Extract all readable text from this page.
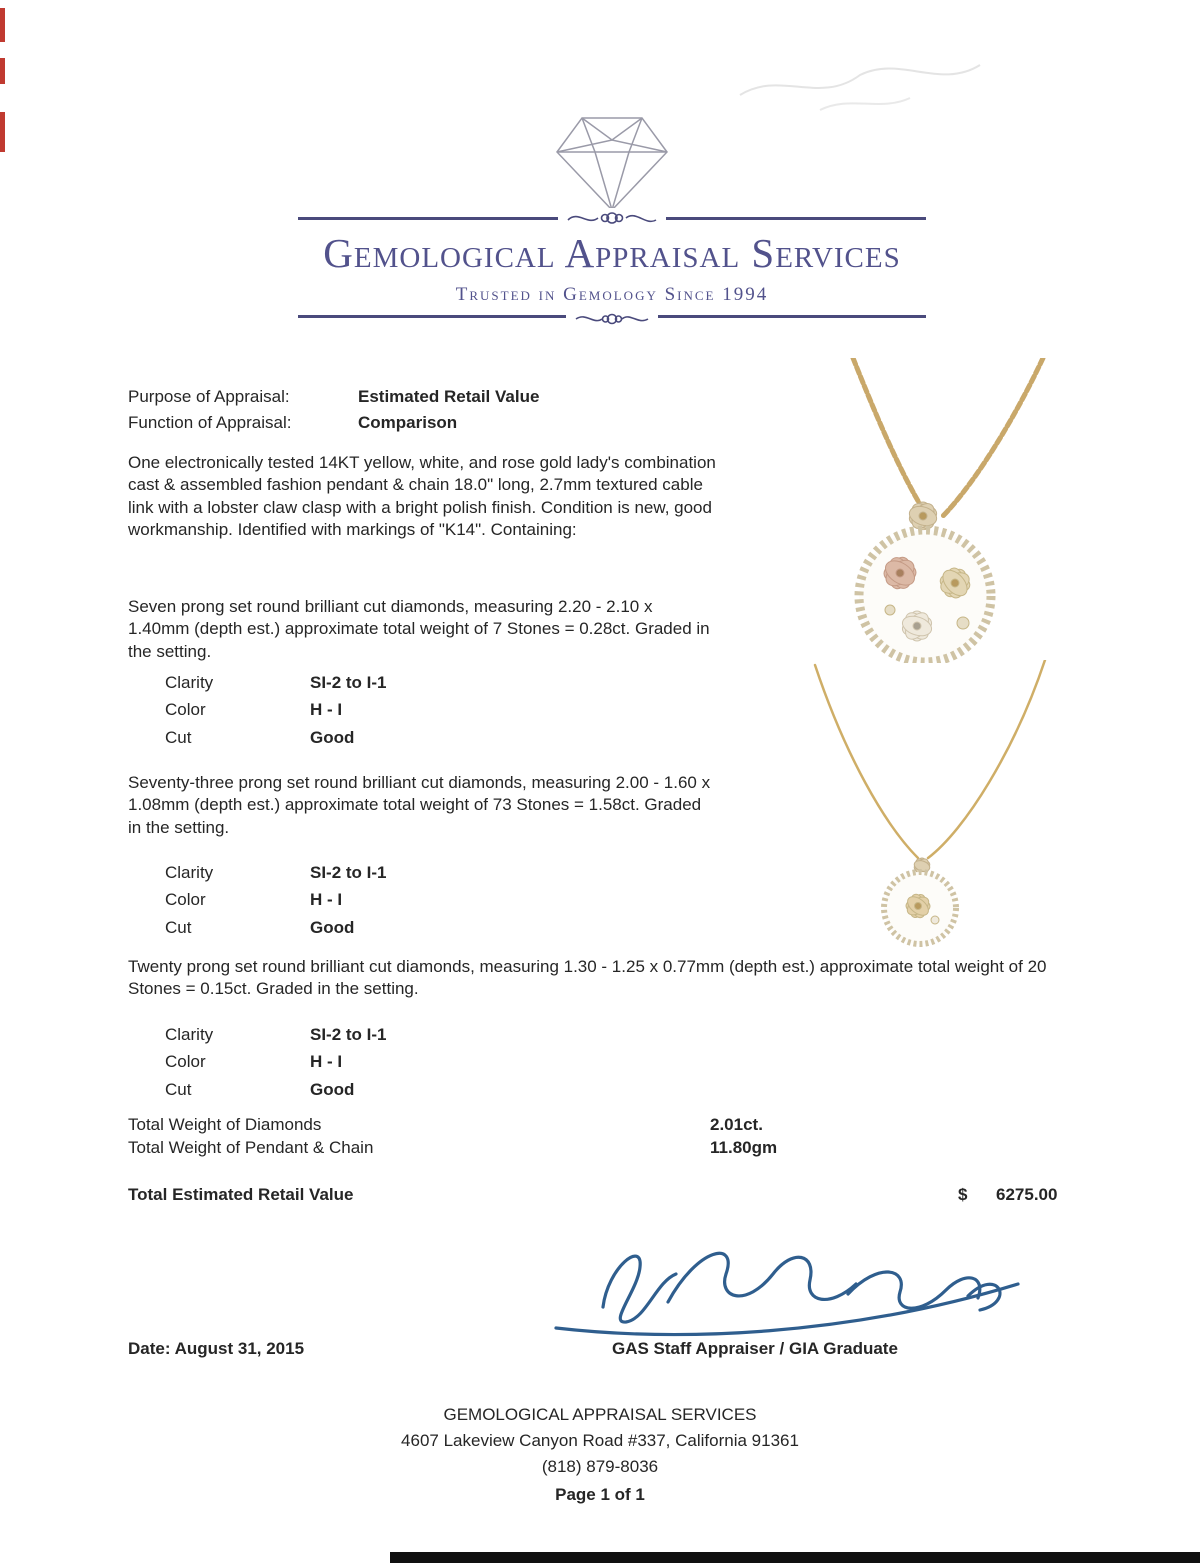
Gemological Appraisal Services
Trusted in Gemology Since 1994
Purpose of Appraisal:	Estimated Retail Value
Function of Appraisal:	Comparison
One electronically tested 14KT yellow, white, and rose gold lady's combination cast & assembled fashion pendant & chain 18.0" long, 2.7mm textured cable link with a lobster claw clasp with a bright polish finish. Condition is new, good workmanship. Identified with markings of "K14". Containing:
Seven prong set round brilliant cut diamonds, measuring 2.20 - 2.10 x 1.40mm (depth est.) approximate total weight of 7 Stones = 0.28ct. Graded in the setting.
Clarity	SI-2 to I-1
Color	H - I
Cut	Good
Seventy-three prong set round brilliant cut diamonds, measuring 2.00 - 1.60 x 1.08mm (depth est.) approximate total weight of 73 Stones = 1.58ct. Graded in the setting.
Clarity	SI-2 to I-1
Color	H - I
Cut	Good
Twenty prong set round brilliant cut diamonds, measuring 1.30 - 1.25 x 0.77mm (depth est.) approximate total weight of 20 Stones = 0.15ct. Graded in the setting.
Clarity	SI-2 to I-1
Color	H - I
Cut	Good
Total Weight of Diamonds	2.01ct.
Total Weight of Pendant & Chain	11.80gm
Total Estimated Retail Value	$ 6275.00
Date: August 31, 2015	GAS Staff Appraiser / GIA Graduate
GEMOLOGICAL APPRAISAL SERVICES
4607 Lakeview Canyon Road #337, California 91361
(818) 879-8036
Page 1 of 1
